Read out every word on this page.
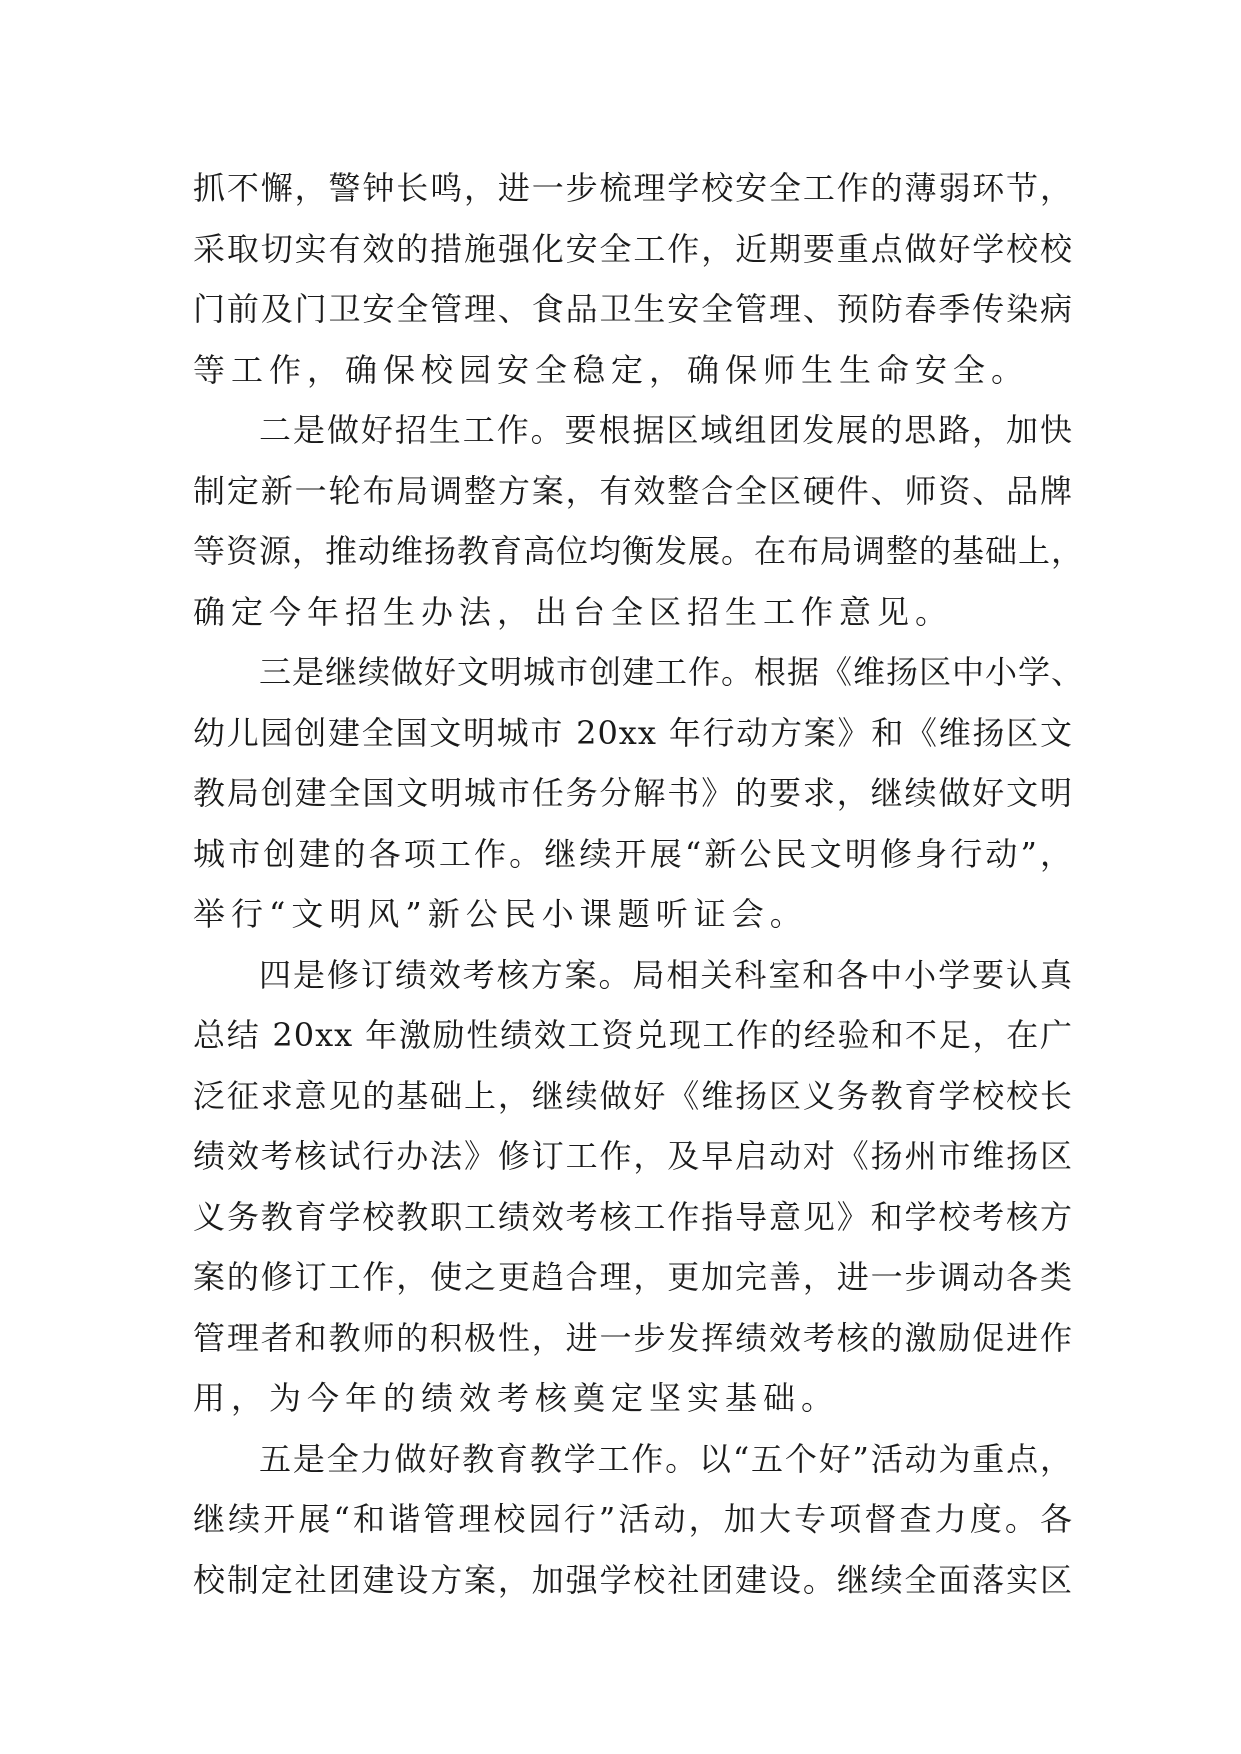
抓不懈，警钟长鸣，进一步梳理学校安全工作的薄弱环节，
采取切实有效的措施强化安全工作，近期要重点做好学校校
门前及门卫安全管理、食品卫生安全管理、预防春季传染病
等工作，确保校园安全稳定，确保师生生命安全。
二是做好招生工作。要根据区域组团发展的思路，加快
制定新一轮布局调整方案，有效整合全区硬件、师资、品牌
等资源，推动维扬教育高位均衡发展。在布局调整的基础上，
确定今年招生办法，出台全区招生工作意见。
三是继续做好文明城市创建工作。根据《维扬区中小学、
幼儿园创建全国文明城市 20xx 年行动方案》和《维扬区文
教局创建全国文明城市任务分解书》的要求，继续做好文明
城市创建的各项工作。继续开展“新公民文明修身行动”，
举行“文明风”新公民小课题听证会。
四是修订绩效考核方案。局相关科室和各中小学要认真
总结 20xx 年激励性绩效工资兑现工作的经验和不足，在广
泛征求意见的基础上，继续做好《维扬区义务教育学校校长
绩效考核试行办法》修订工作，及早启动对《扬州市维扬区
义务教育学校教职工绩效考核工作指导意见》和学校考核方
案的修订工作，使之更趋合理，更加完善，进一步调动各类
管理者和教师的积极性，进一步发挥绩效考核的激励促进作
用，为今年的绩效考核奠定坚实基础。
五是全力做好教育教学工作。以“五个好”活动为重点，
继续开展“和谐管理校园行”活动，加大专项督查力度。各
校制定社团建设方案，加强学校社团建设。继续全面落实区
